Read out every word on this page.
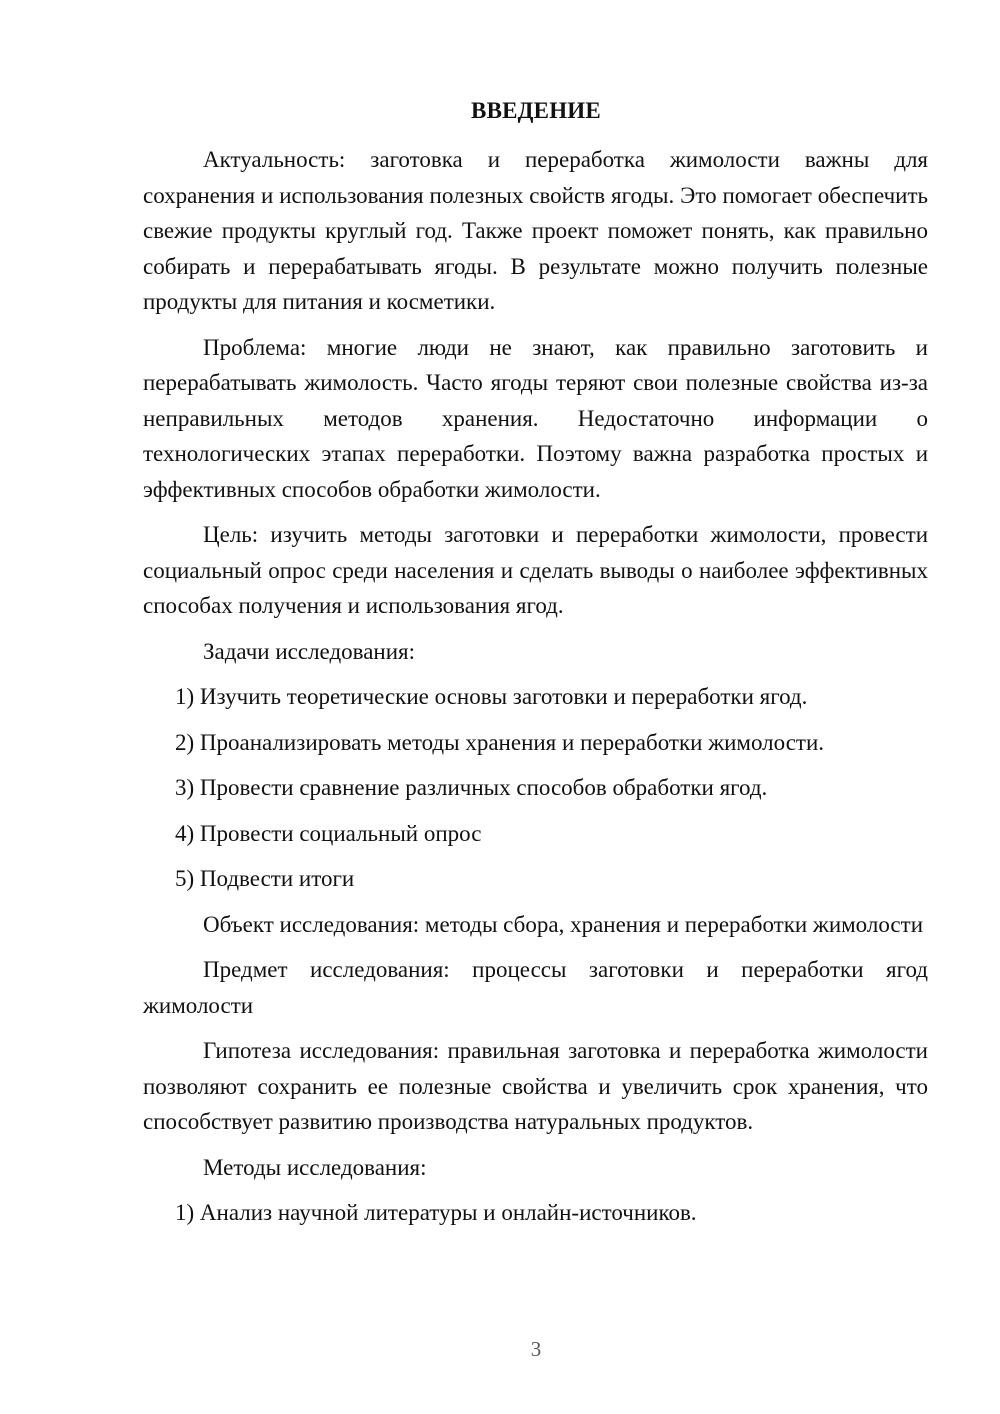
ВВЕДЕНИЕ

Актуальность: заготовка и переработка жимолости важны для сохранения и использования полезных свойств ягоды. Это помогает обеспечить свежие продукты круглый год. Также проект поможет понять, как правильно собирать и перерабатывать ягоды. В результате можно получить полезные продукты для питания и косметики.

Проблема: многие люди не знают, как правильно заготовить и перерабатывать жимолость. Часто ягоды теряют свои полезные свойства из-за неправильных методов хранения. Недостаточно информации о технологических этапах переработки. Поэтому важна разработка простых и эффективных способов обработки жимолости.

Цель: изучить методы заготовки и переработки жимолости, провести социальный опрос среди населения и сделать выводы о наиболее эффективных способах получения и использования ягод.

Задачи исследования:

1) Изучить теоретические основы заготовки и переработки ягод.
2) Проанализировать методы хранения и переработки жимолости.
3) Провести сравнение различных способов обработки ягод.
4) Провести социальный опрос
5) Подвести итоги

Объект исследования: методы сбора, хранения и переработки жимолости

Предмет исследования: процессы заготовки и переработки ягод жимолости

Гипотеза исследования: правильная заготовка и переработка жимолости позволяют сохранить ее полезные свойства и увеличить срок хранения, что способствует развитию производства натуральных продуктов.

Методы исследования:

1) Анализ научной литературы и онлайн-источников.
3
